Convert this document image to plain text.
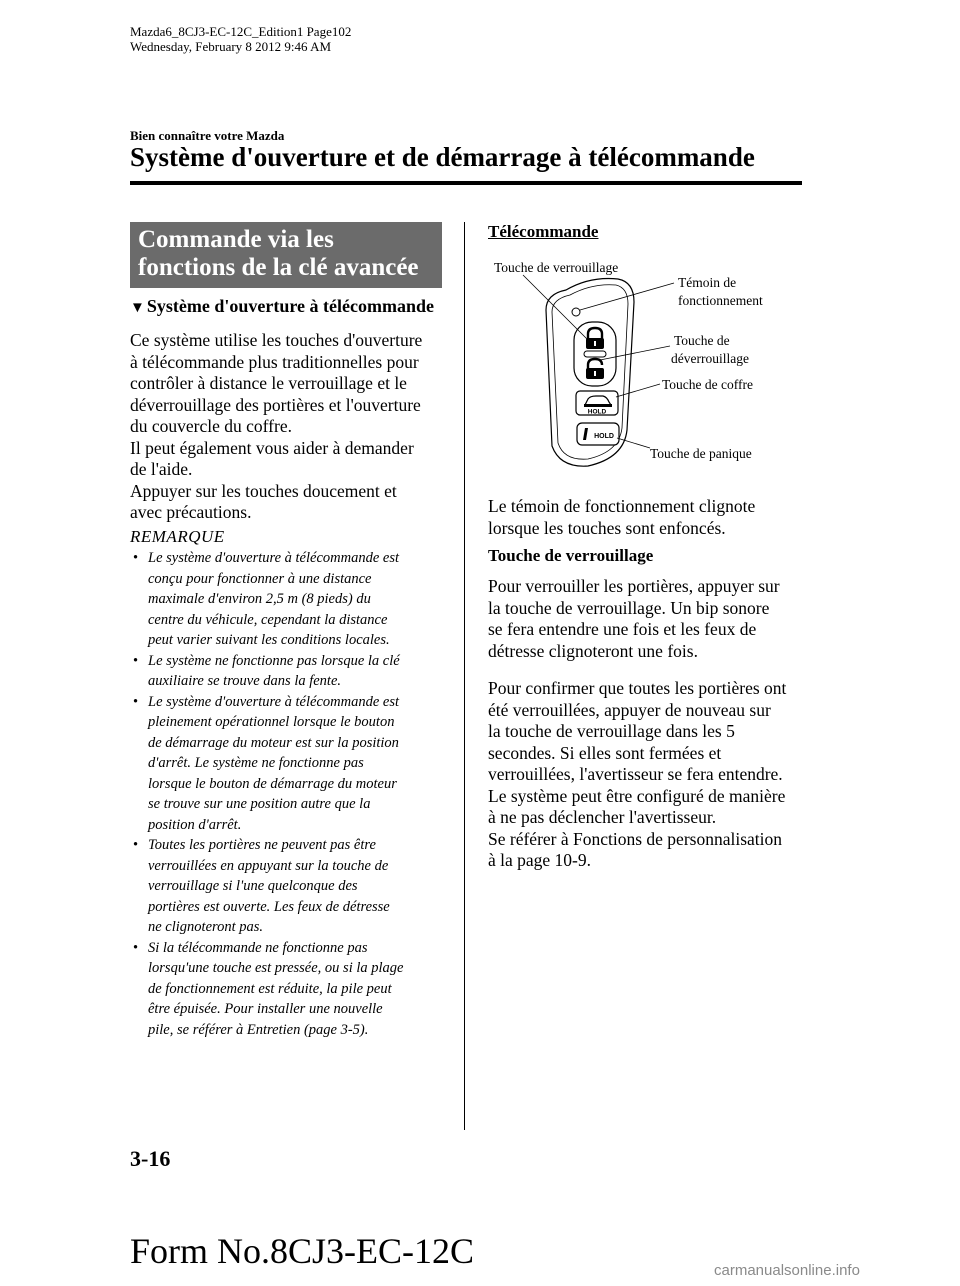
Mazda6_8CJ3-EC-12C_Edition1 Page102
Wednesday, February 8 2012 9:46 AM
Bien connaître votre Mazda
Système d'ouverture et de démarrage à télécommande
Commande via les
fonctions de la clé avancée
▼ Système d'ouverture à télécommande
Ce système utilise les touches d'ouverture
à télécommande plus traditionnelles pour
contrôler à distance le verrouillage et le
déverrouillage des portières et l'ouverture
du couvercle du coffre.
Il peut également vous aider à demander
de l'aide.
Appuyer sur les touches doucement et
avec précautions.
REMARQUE
• Le système d'ouverture à télécommande est
conçu pour fonctionner à une distance
maximale d'environ 2,5 m (8 pieds) du
centre du véhicule, cependant la distance
peut varier suivant les conditions locales.
• Le système ne fonctionne pas lorsque la clé
auxiliaire se trouve dans la fente.
• Le système d'ouverture à télécommande est
pleinement opérationnel lorsque le bouton
de démarrage du moteur est sur la position
d'arrêt. Le système ne fonctionne pas
lorsque le bouton de démarrage du moteur
se trouve sur une position autre que la
position d'arrêt.
• Toutes les portières ne peuvent pas être
verrouillées en appuyant sur la touche de
verrouillage si l'une quelconque des
portières est ouverte. Les feux de détresse
ne clignoteront pas.
• Si la télécommande ne fonctionne pas
lorsqu'une touche est pressée, ou si la plage
de fonctionnement est réduite, la pile peut
être épuisée. Pour installer une nouvelle
pile, se référer à Entretien (page 3-5).
Télécommande
HOLD
HOLD
Touche de verrouillage
Témoin de
fonctionnement
Touche de
déverrouillage
Touche de coffre
Touche de panique
Le témoin de fonctionnement clignote
lorsque les touches sont enfoncés.
Touche de verrouillage
Pour verrouiller les portières, appuyer sur
la touche de verrouillage. Un bip sonore
se fera entendre une fois et les feux de
détresse clignoteront une fois.
Pour confirmer que toutes les portières ont
été verrouillées, appuyer de nouveau sur
la touche de verrouillage dans les 5
secondes. Si elles sont fermées et
verrouillées, l'avertisseur se fera entendre.
Le système peut être configuré de manière
à ne pas déclencher l'avertisseur.
Se référer à Fonctions de personnalisation
à la page 10-9.
3-16
Form No.8CJ3-EC-12C	carmanualsonline.info
